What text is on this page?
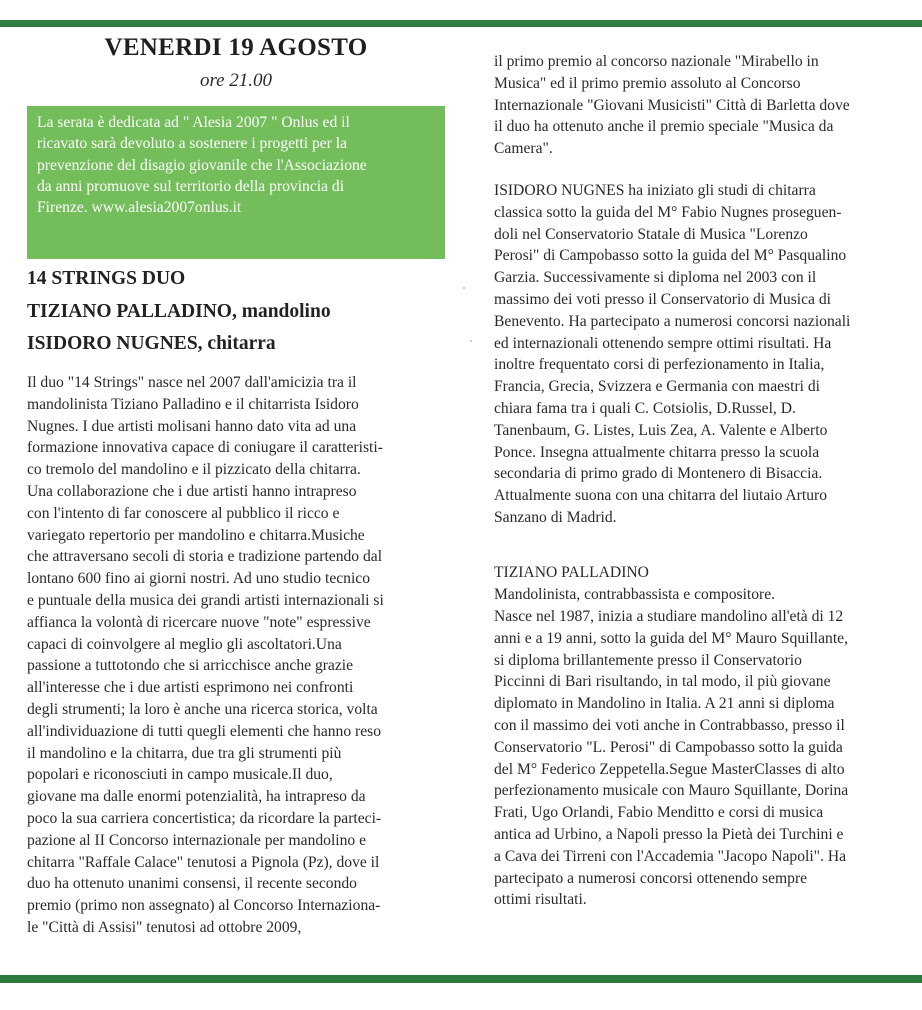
VENERDI 19 AGOSTO
ore 21.00

La serata è dedicata ad " Alesia 2007 " Onlus ed il
ricavato sarà devoluto a sostenere i progetti per la
prevenzione del disagio giovanile che l'Associazione
da anni promuove sul territorio della provincia di
Firenze. www.alesia2007onlus.it

14 STRINGS DUO
TIZIANO PALLADINO, mandolino
ISIDORO NUGNES, chitarra

Il duo "14 Strings" nasce nel 2007 dall'amicizia tra il
mandolinista Tiziano Palladino e il chitarrista Isidoro
Nugnes. I due artisti molisani hanno dato vita ad una
formazione innovativa capace di coniugare il caratteristi-
co tremolo del mandolino e il pizzicato della chitarra.
Una collaborazione che i due artisti hanno intrapreso
con l'intento di far conoscere al pubblico il ricco e
variegato repertorio per mandolino e chitarra.Musiche
che attraversano secoli di storia e tradizione partendo dal
lontano 600 fino ai giorni nostri. Ad uno studio tecnico
e puntuale della musica dei grandi artisti internazionali si
affianca la volontà di ricercare nuove "note" espressive
capaci di coinvolgere al meglio gli ascoltatori.Una
passione a tuttotondo che si arricchisce anche grazie
all'interesse che i due artisti esprimono nei confronti
degli strumenti; la loro è anche una ricerca storica, volta
all'individuazione di tutti quegli elementi che hanno reso
il mandolino e la chitarra, due tra gli strumenti più
popolari e riconosciuti in campo musicale.Il duo,
giovane ma dalle enormi potenzialità, ha intrapreso da
poco la sua carriera concertistica; da ricordare la parteci-
pazione al II Concorso internazionale per mandolino e
chitarra "Raffale Calace" tenutosi a Pignola (Pz), dove il
duo ha ottenuto unanimi consensi, il recente secondo
premio (primo non assegnato) al Concorso Internaziona-
le "Città di Assisi" tenutosi ad ottobre 2009,

il primo premio al concorso nazionale "Mirabello in
Musica" ed il primo premio assoluto al Concorso
Internazionale "Giovani Musicisti" Città di Barletta dove
il duo ha ottenuto anche il premio speciale "Musica da
Camera".

ISIDORO NUGNES ha iniziato gli studi di chitarra
classica sotto la guida del M° Fabio Nugnes proseguen-
doli nel Conservatorio Statale di Musica "Lorenzo
Perosi" di Campobasso sotto la guida del M° Pasqualino
Garzia. Successivamente si diploma nel 2003 con il
massimo dei voti presso il Conservatorio di Musica di
Benevento. Ha partecipato a numerosi concorsi nazionali
ed internazionali ottenendo sempre ottimi risultati. Ha
inoltre frequentato corsi di perfezionamento in Italia,
Francia, Grecia, Svizzera e Germania con maestri di
chiara fama tra i quali C. Cotsiolis, D.Russel, D.
Tanenbaum, G. Listes, Luis Zea, A. Valente e Alberto
Ponce. Insegna attualmente chitarra presso la scuola
secondaria di primo grado di Montenero di Bisaccia.
Attualmente suona con una chitarra del liutaio Arturo
Sanzano di Madrid.

TIZIANO PALLADINO
Mandolinista, contrabbassista e compositore.

Nasce nel 1987, inizia a studiare mandolino all'età di 12
anni e a 19 anni, sotto la guida del M° Mauro Squillante,
si diploma brillantemente presso il Conservatorio
Piccinni di Bari risultando, in tal modo, il più giovane
diplomato in Mandolino in Italia. A 21 anni si diploma
con il massimo dei voti anche in Contrabbasso, presso il
Conservatorio "L. Perosi" di Campobasso sotto la guida
del M° Federico Zeppetella.Segue MasterClasses di alto
perfezionamento musicale con Mauro Squillante, Dorina
Frati, Ugo Orlandi, Fabio Menditto e corsi di musica
antica ad Urbino, a Napoli presso la Pietà dei Turchini e
a Cava dei Tirreni con l'Accademia "Jacopo Napoli". Ha
partecipato a numerosi concorsi ottenendo sempre
ottimi risultati.
